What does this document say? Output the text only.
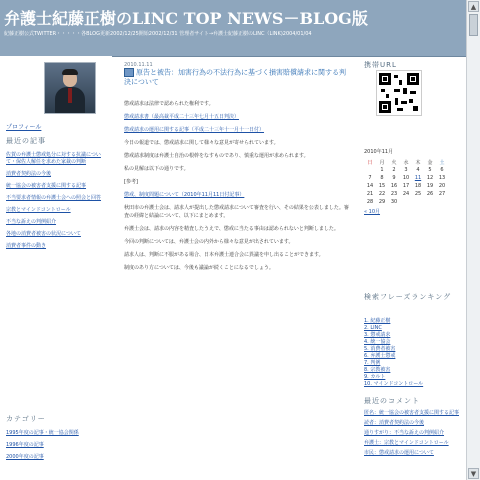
弁護士紀藤正樹のLINC TOP NEWS－BLOG版
紀藤正樹公式TWITTER・・・・・各BLOG更新2002/12/25開始2002/12/31 管理者サイト→弁護士紀藤正樹のLINC（LINK)2004/01/04
プロフィール
最近の記事
佐賀の弁護士懲戒処分に対する抗議について・保佐人解任を求めた家裁の判断
消費者契約法の今後
統一協会の被害者支援に関する記事
不当要求者情報の弁護士会への照会と回答
宗教とマインドコントロール
不当な訴えの判例紹介
各地の消費者被害の状況について
消費者事件の動き
カテゴリー
1995年度の記事・統一協会関係
1996年度の記事
2000年度の記事
2010.11.11
原告と被告：加害行為の不法行為に基づく損害賠償請求に関する判決について

懲戒請求は法律で認められた権利です。

懲戒請求書（最高裁平成二十三年七月十五日判決）

懲戒請求の運用に関する記事（平成二十三年十一月十一日付）

今日の報道では、懲戒請求に関して様々な意見が寄せられています。

懲戒請求制度は弁護士自治の根幹をなすものであり、慎重な運用が求められます。

私の見解は以下の通りです。

[参考]

懲戒、制度問題について（2010年11月11日付記事）

秋田市の弁護士会は、請求人が提出した懲戒請求について審査を行い、その結果を公表しました。審査の経緯と結論について、以下にまとめます。

弁護士会は、請求の内容を精査したうえで、懲戒に当たる事由は認められないと判断しました。

今回の判断については、弁護士会の内外から様々な意見が出されています。

請求人は、判断に不服がある場合、日本弁護士連合会に異議を申し出ることができます。

制度のあり方については、今後も議論が続くことになるでしょう。

携帯URL
2010年11月
日	月	火	水	木	金	土
	1	2	3	4	5	6
7	8	9	10	11	12	13
14	15	16	17	18	19	20
21	22	23	24	25	26	27
28	29	30				
« 10月
検索フレーズランキング
1. 紀藤正樹
2. LINC
3. 懲戒請求
4. 統一協会
5. 消費者被害
6. 弁護士懲戒
7. 判例
8. 宗教被害
9. カルト
10. マインドコントロール
最近のコメント
匿名：統一協会の被害者支援に関する記事
読者：消費者契約法の今後
通りすがり：不当な訴えの判例紹介
弁護士：宗教とマインドコントロール
市民：懲戒請求の運用について
▲
▼
